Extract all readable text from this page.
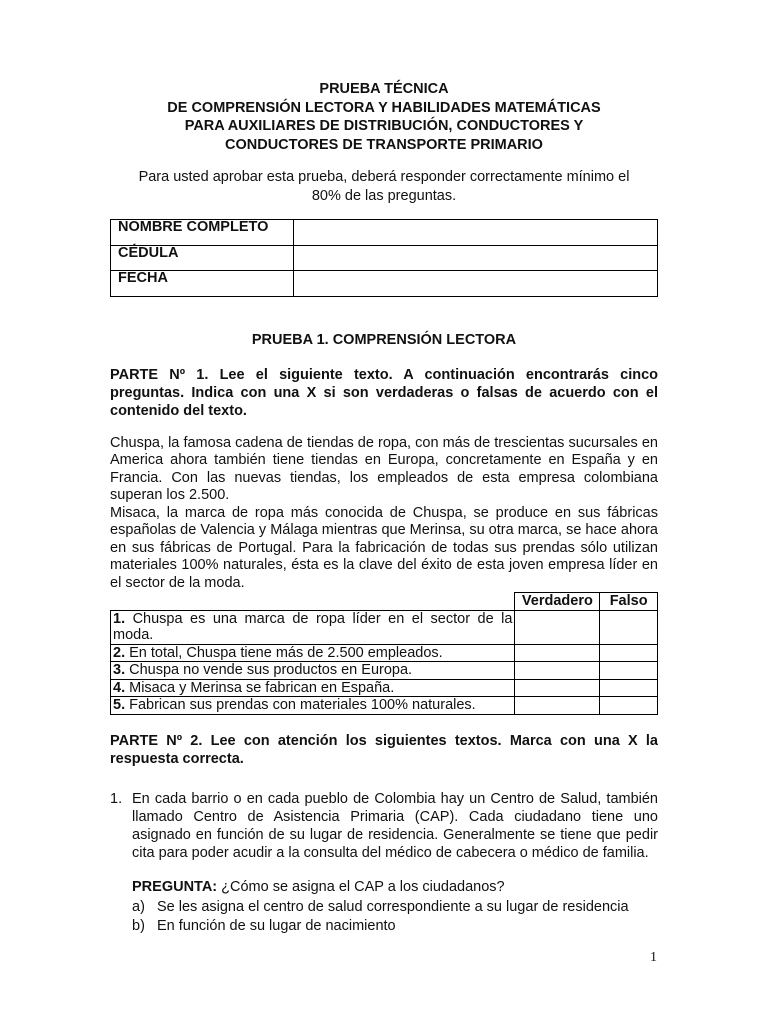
PRUEBA TÉCNICA
DE COMPRENSIÓN LECTORA Y HABILIDADES MATEMÁTICAS
PARA AUXILIARES DE DISTRIBUCIÓN, CONDUCTORES Y
CONDUCTORES DE TRANSPORTE PRIMARIO
Para usted aprobar esta prueba, deberá responder correctamente mínimo el
80% de las preguntas.
NOMBRE COMPLETO	
CÉDULA	
FECHA	
PRUEBA 1. COMPRENSIÓN LECTORA
PARTE Nº 1. Lee el siguiente texto. A continuación encontrarás cinco preguntas. Indica con una X si son verdaderas o falsas de acuerdo con el contenido del texto.
Chuspa, la famosa cadena de tiendas de ropa, con más de trescientas sucursales en America ahora también tiene tiendas en Europa, concretamente en España y en Francia. Con las nuevas tiendas, los empleados de esta empresa colombiana superan los 2.500.
Misaca, la marca de ropa más conocida de Chuspa, se produce en sus fábricas españolas de Valencia y Málaga mientras que Merinsa, su otra marca, se hace ahora en sus fábricas de Portugal. Para la fabricación de todas sus prendas sólo utilizan materiales 100% naturales, ésta es la clave del éxito de esta joven empresa líder en el sector de la moda.
	Verdadero	Falso
1. Chuspa es una marca de ropa líder en el sector de la moda.		
2. En total, Chuspa tiene más de 2.500 empleados.		
3. Chuspa no vende sus productos en Europa.		
4. Misaca y Merinsa se fabrican en España.		
5. Fabrican sus prendas con materiales 100% naturales.		
PARTE Nº 2. Lee con atención los siguientes textos. Marca con una X la respuesta correcta.
1. En cada barrio o en cada pueblo de Colombia hay un Centro de Salud, también llamado Centro de Asistencia Primaria (CAP). Cada ciudadano tiene uno asignado en función de su lugar de residencia. Generalmente se tiene que pedir cita para poder acudir a la consulta del médico de cabecera o médico de familia.
PREGUNTA: ¿Cómo se asigna el CAP a los ciudadanos?
a) Se les asigna el centro de salud correspondiente a su lugar de residencia
b) En función de su lugar de nacimiento
1
